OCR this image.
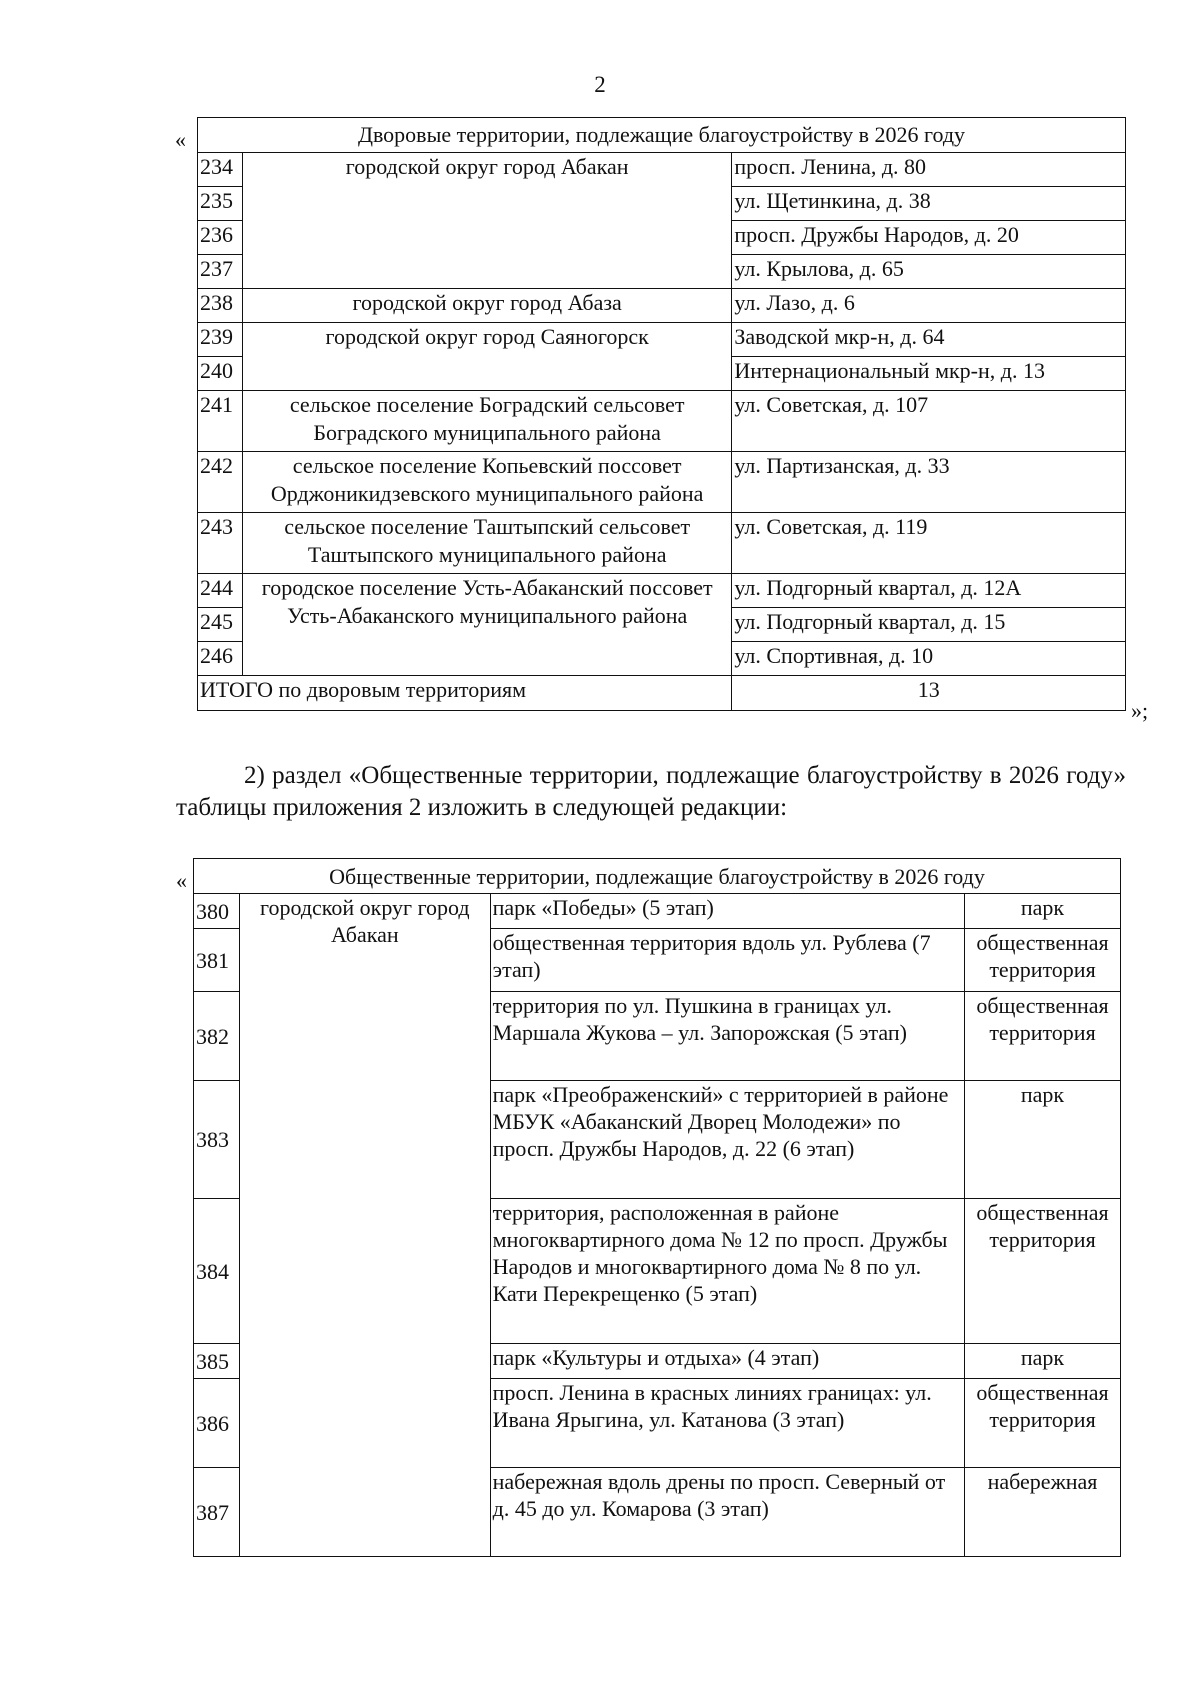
2
«	Дворовые территории, подлежащие благоустройству в 2026 году		
234	городской округ город Абакан	просп. Ленина, д. 80
235		ул. Щетинкина, д. 38
236		просп. Дружбы Народов, д. 20
237		ул. Крылова, д. 65
238	городской округ город Абаза	ул. Лазо, д. 6
239	городской округ город Саяногорск	Заводской мкр-н, д. 64
240		Интернациональный мкр-н, д. 13
241	сельское поселение Боградский сельсовет Боградского муниципального района	ул. Советская, д. 107
242	сельское поселение Копьевский поссовет Орджоникидзевского муниципального района	ул. Партизанская, д. 33
243	сельское поселение Таштыпский сельсовет Таштыпского муниципального района	ул. Советская, д. 119
244	городское поселение Усть-Абаканский поссовет Усть-Абаканского муниципального района	ул. Подгорный квартал, д. 12А
245		ул. Подгорный квартал, д. 15
246		ул. Спортивная, д. 10
ИТОГО по дворовым территориям		13
»;
2) раздел «Общественные территории, подлежащие благоустройству в 2026 году» таблицы приложения 2 изложить в следующей редакции:
«	Общественные территории, подлежащие благоустройству в 2026 году			
380	городской округ город Абакан	парк «Победы» (5 этап)	парк
381		общественная территория вдоль ул. Рублева (7 этап)	общественная территория
382		территория по ул. Пушкина в границах ул. Маршала Жукова – ул. Запорожская (5 этап)	общественная территория
383		парк «Преображенский» с территорией в районе МБУК «Абаканский Дворец Молодежи» по просп. Дружбы Народов, д. 22 (6 этап)	парк
384		территория, расположенная в районе многоквартирного дома № 12 по просп. Дружбы Народов и многоквартирного дома № 8 по ул. Кати Перекрещенко (5 этап)	общественная территория
385		парк «Культуры и отдыха» (4 этап)	парк
386		просп. Ленина в красных линиях границах: ул. Ивана Ярыгина, ул. Катанова (3 этап)	общественная территория
387		набережная вдоль дрены по просп. Северный от д. 45 до ул. Комарова (3 этап)	набережная
